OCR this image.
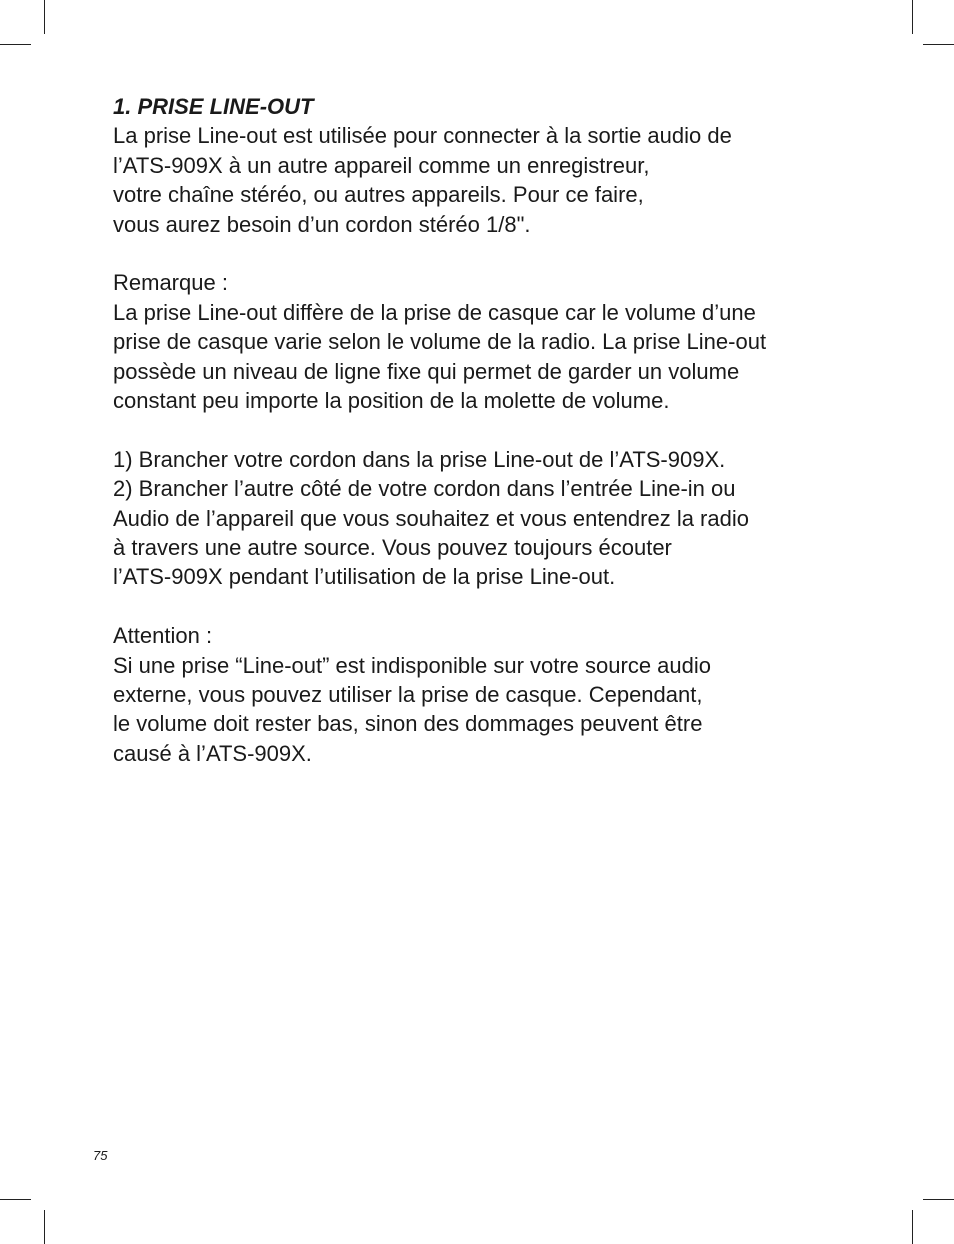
1. PRISE LINE-OUT

La prise Line-out est utilisée pour connecter à la sortie audio de
l’ATS-909X à un autre appareil comme un enregistreur,
votre chaîne stéréo, ou autres appareils. Pour ce faire,
vous aurez besoin d’un cordon stéréo 1/8".

Remarque :

La prise Line-out diffère de la prise de casque car le volume d’une
prise de casque varie selon le volume de la radio. La prise Line-out
possède un niveau de ligne fixe qui permet de garder un volume
constant peu importe la position de la molette de volume.

1) Brancher votre cordon dans la prise Line-out de l’ATS-909X.

2) Brancher l’autre côté de votre cordon dans l’entrée Line-in ou
Audio de l’appareil que vous souhaitez et vous entendrez la radio
à travers une autre source. Vous pouvez toujours écouter
l’ATS-909X pendant l’utilisation de la prise Line-out.

Attention :

Si une prise “Line-out” est indisponible sur votre source audio
externe, vous pouvez utiliser la prise de casque. Cependant,
le volume doit rester bas, sinon des dommages peuvent être
causé à l’ATS-909X.

75
